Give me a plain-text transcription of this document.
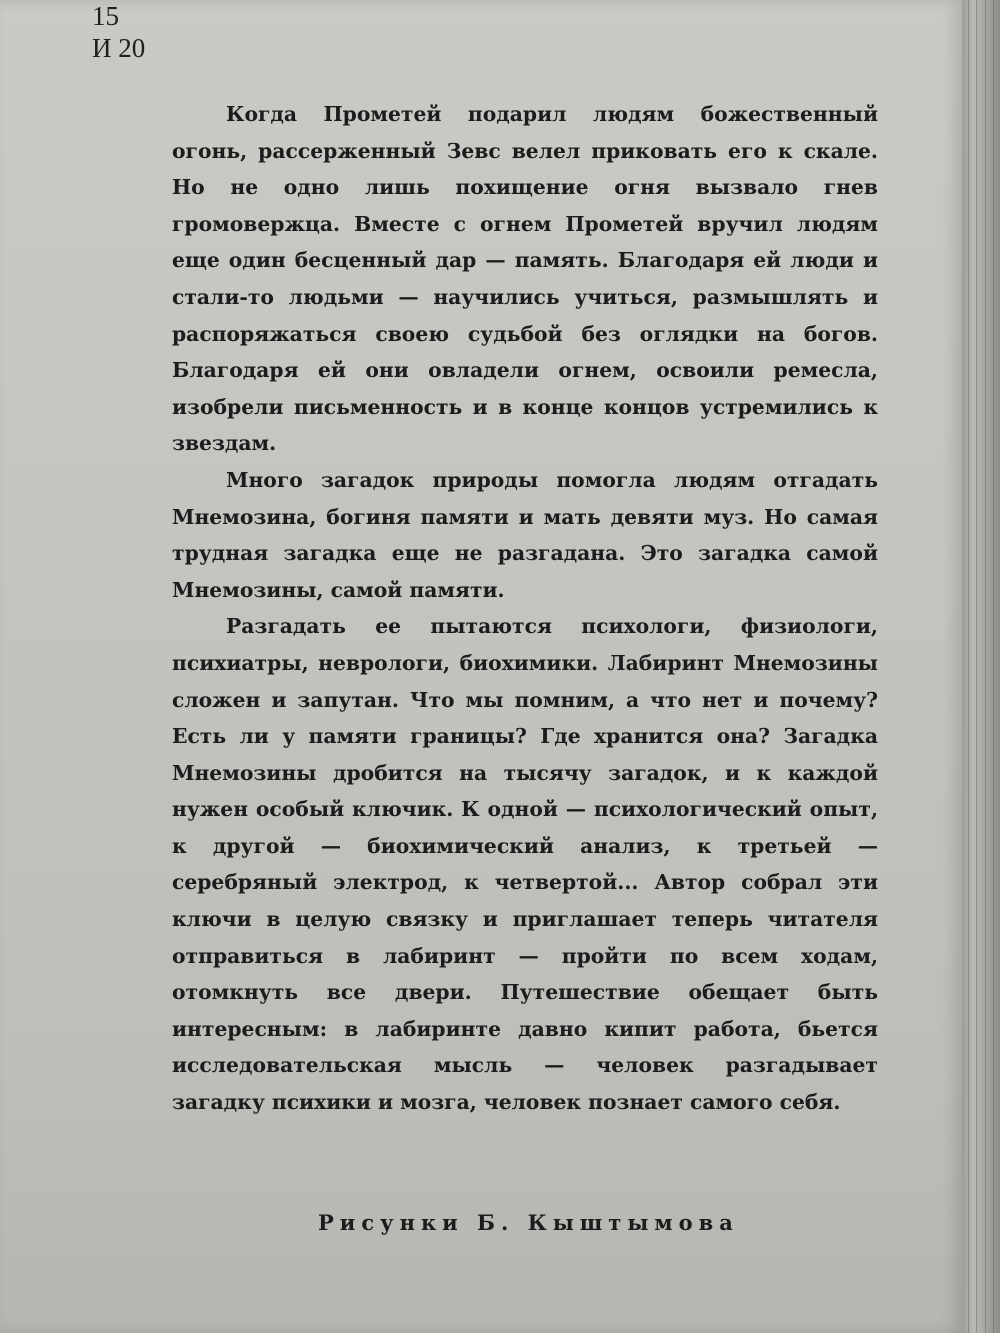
15
И 20

Когда Прометей подарил людям божественный огонь, рассерженный Зевс велел приковать его к скале. Но не одно лишь похищение огня вызвало гнев громовержца. Вместе с огнем Прометей вручил людям еще один бесценный дар — память. Благодаря ей люди и стали-то людьми — научились учиться, размышлять и распоряжаться своею судьбой без оглядки на богов. Благодаря ей они овладели огнем, освоили ремесла, изобрели письменность и в конце концов устремились к звездам.

Много загадок природы помогла людям отгадать Мнемозина, богиня памяти и мать девяти муз. Но самая трудная загадка еще не разгадана. Это загадка самой Мнемозины, самой памяти.

Разгадать ее пытаются психологи, физиологи, психиатры, неврологи, биохимики. Лабиринт Мнемозины сложен и запутан. Что мы помним, а что нет и почему? Есть ли у памяти границы? Где хранится она? Загадка Мнемозины дробится на тысячу загадок, и к каждой нужен особый ключик. К одной — психологический опыт, к другой — биохимический анализ, к третьей — серебряный электрод, к четвертой... Автор собрал эти ключи в целую связку и приглашает теперь читателя отправиться в лабиринт — пройти по всем ходам, отомкнуть все двери. Путешествие обещает быть интересным: в лабиринте давно кипит работа, бьется исследовательская мысль — человек разгадывает загадку психики и мозга, человек познает самого себя.

Рисунки Б. Кыштымова
